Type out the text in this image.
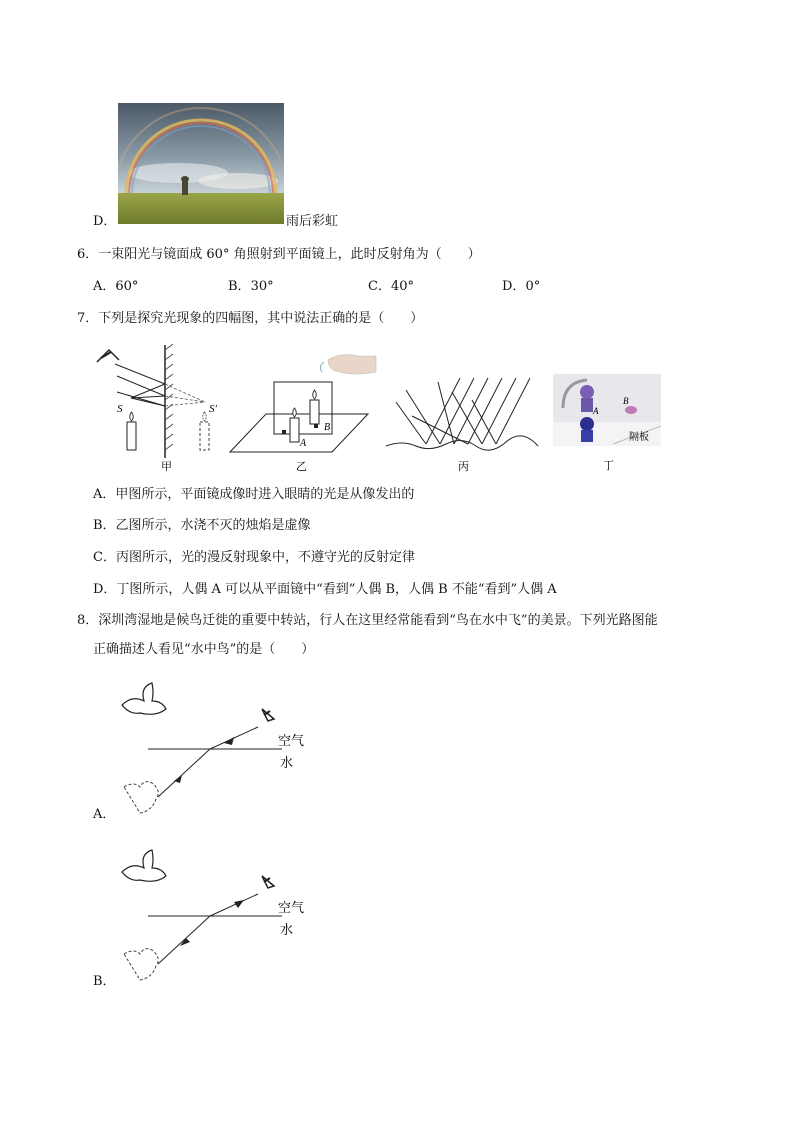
D．	雨后彩虹
6．一束阳光与镜面成 60° 角照射到平面镜上，此时反射角为（　　）
A．60°	B．30°	C．40°	D．0°
7．下列是探究光现象的四幅图，其中说法正确的是（　　）
S	S′
甲
A
B
乙	丙
A
B
隔板
丁
A．甲图所示，平面镜成像时进入眼睛的光是从像发出的
B．乙图所示，水浇不灭的烛焰是虚像
C．丙图所示，光的漫反射现象中，不遵守光的反射定律
D．丁图所示，人偶 A 可以从平面镜中“看到”人偶 B，人偶 B 不能“看到”人偶 A
8．深圳湾湿地是候鸟迁徙的重要中转站，行人在这里经常能看到“鸟在水中飞”的美景。下列光路图能
正确描述人看见“水中鸟”的是（　　）
空气
水
A．
空气
水
B．
